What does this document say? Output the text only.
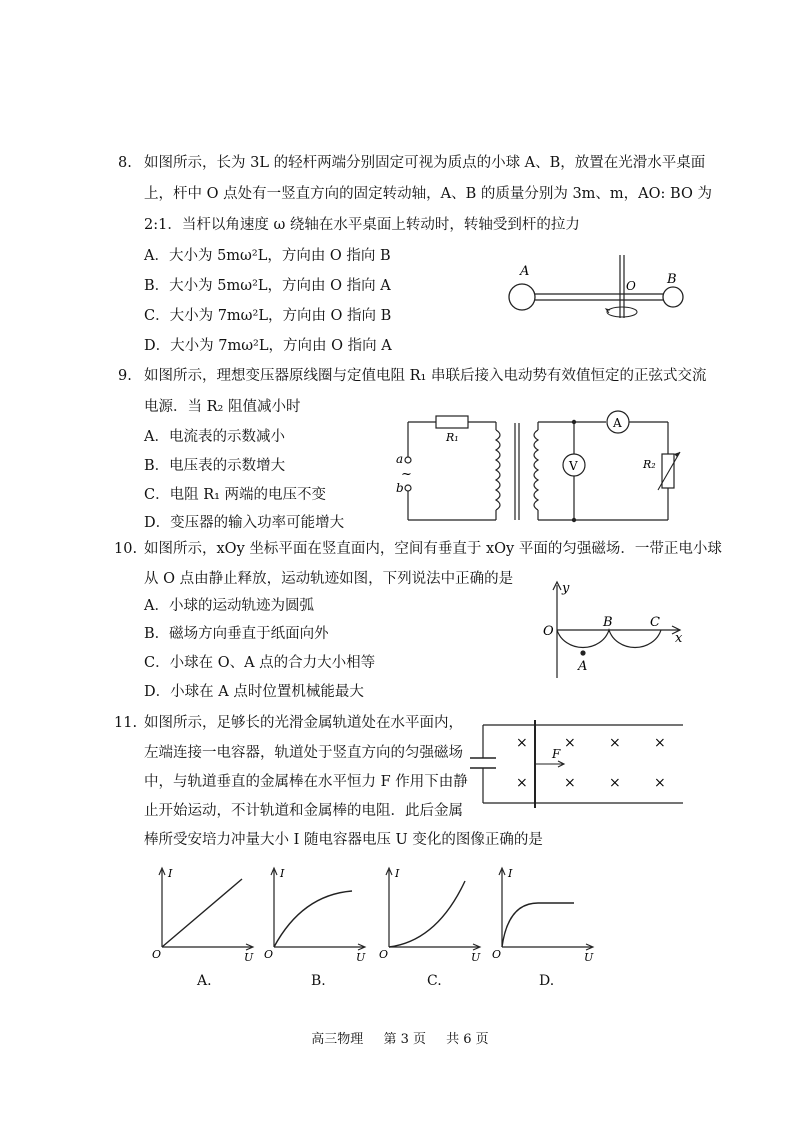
8. 如图所示，长为 3L 的轻杆两端分别固定可视为质点的小球 A、B，放置在光滑水平桌面
上，杆中 O 点处有一竖直方向的固定转动轴，A、B 的质量分别为 3m、m，AO: BO 为
2:1．当杆以角速度 ω 绕轴在水平桌面上转动时，转轴受到杆的拉力
A．大小为 5mω²L，方向由 O 指向 B
B．大小为 5mω²L，方向由 O 指向 A
C．大小为 7mω²L，方向由 O 指向 B
D．大小为 7mω²L，方向由 O 指向 A
A
B
O
9. 如图所示，理想变压器原线圈与定值电阻 R₁ 串联后接入电动势有效值恒定的正弦式交流
电源．当 R₂ 阻值减小时
A．电流表的示数减小
B．电压表的示数增大
C．电阻 R₁ 两端的电压不变
D．变压器的输入功率可能增大
A
V
R₁
R₂
a
~
b
10. 如图所示，xOy 坐标平面在竖直面内，空间有垂直于 xOy 平面的匀强磁场．一带正电小球
从 O 点由静止释放，运动轨迹如图，下列说法中正确的是
A．小球的运动轨迹为圆弧
B．磁场方向垂直于纸面向外
C．小球在 O、A 点的合力大小相等
D．小球在 A 点时位置机械能最大
y
x
O
A
B	C
11. 如图所示，足够长的光滑金属轨道处在水平面内，
左端连接一电容器，轨道处于竖直方向的匀强磁场
中，与轨道垂直的金属棒在水平恒力 F 作用下由静
止开始运动，不计轨道和金属棒的电阻．此后金属
棒所受安培力冲量大小 I 随电容器电压 U 变化的图像正确的是
F
×	× × ×
×	× × ×
I
U
O
A.
I
U
O
B.
I
U
O
C.
I
U
O
D.
高三物理 第 3 页 共 6 页
